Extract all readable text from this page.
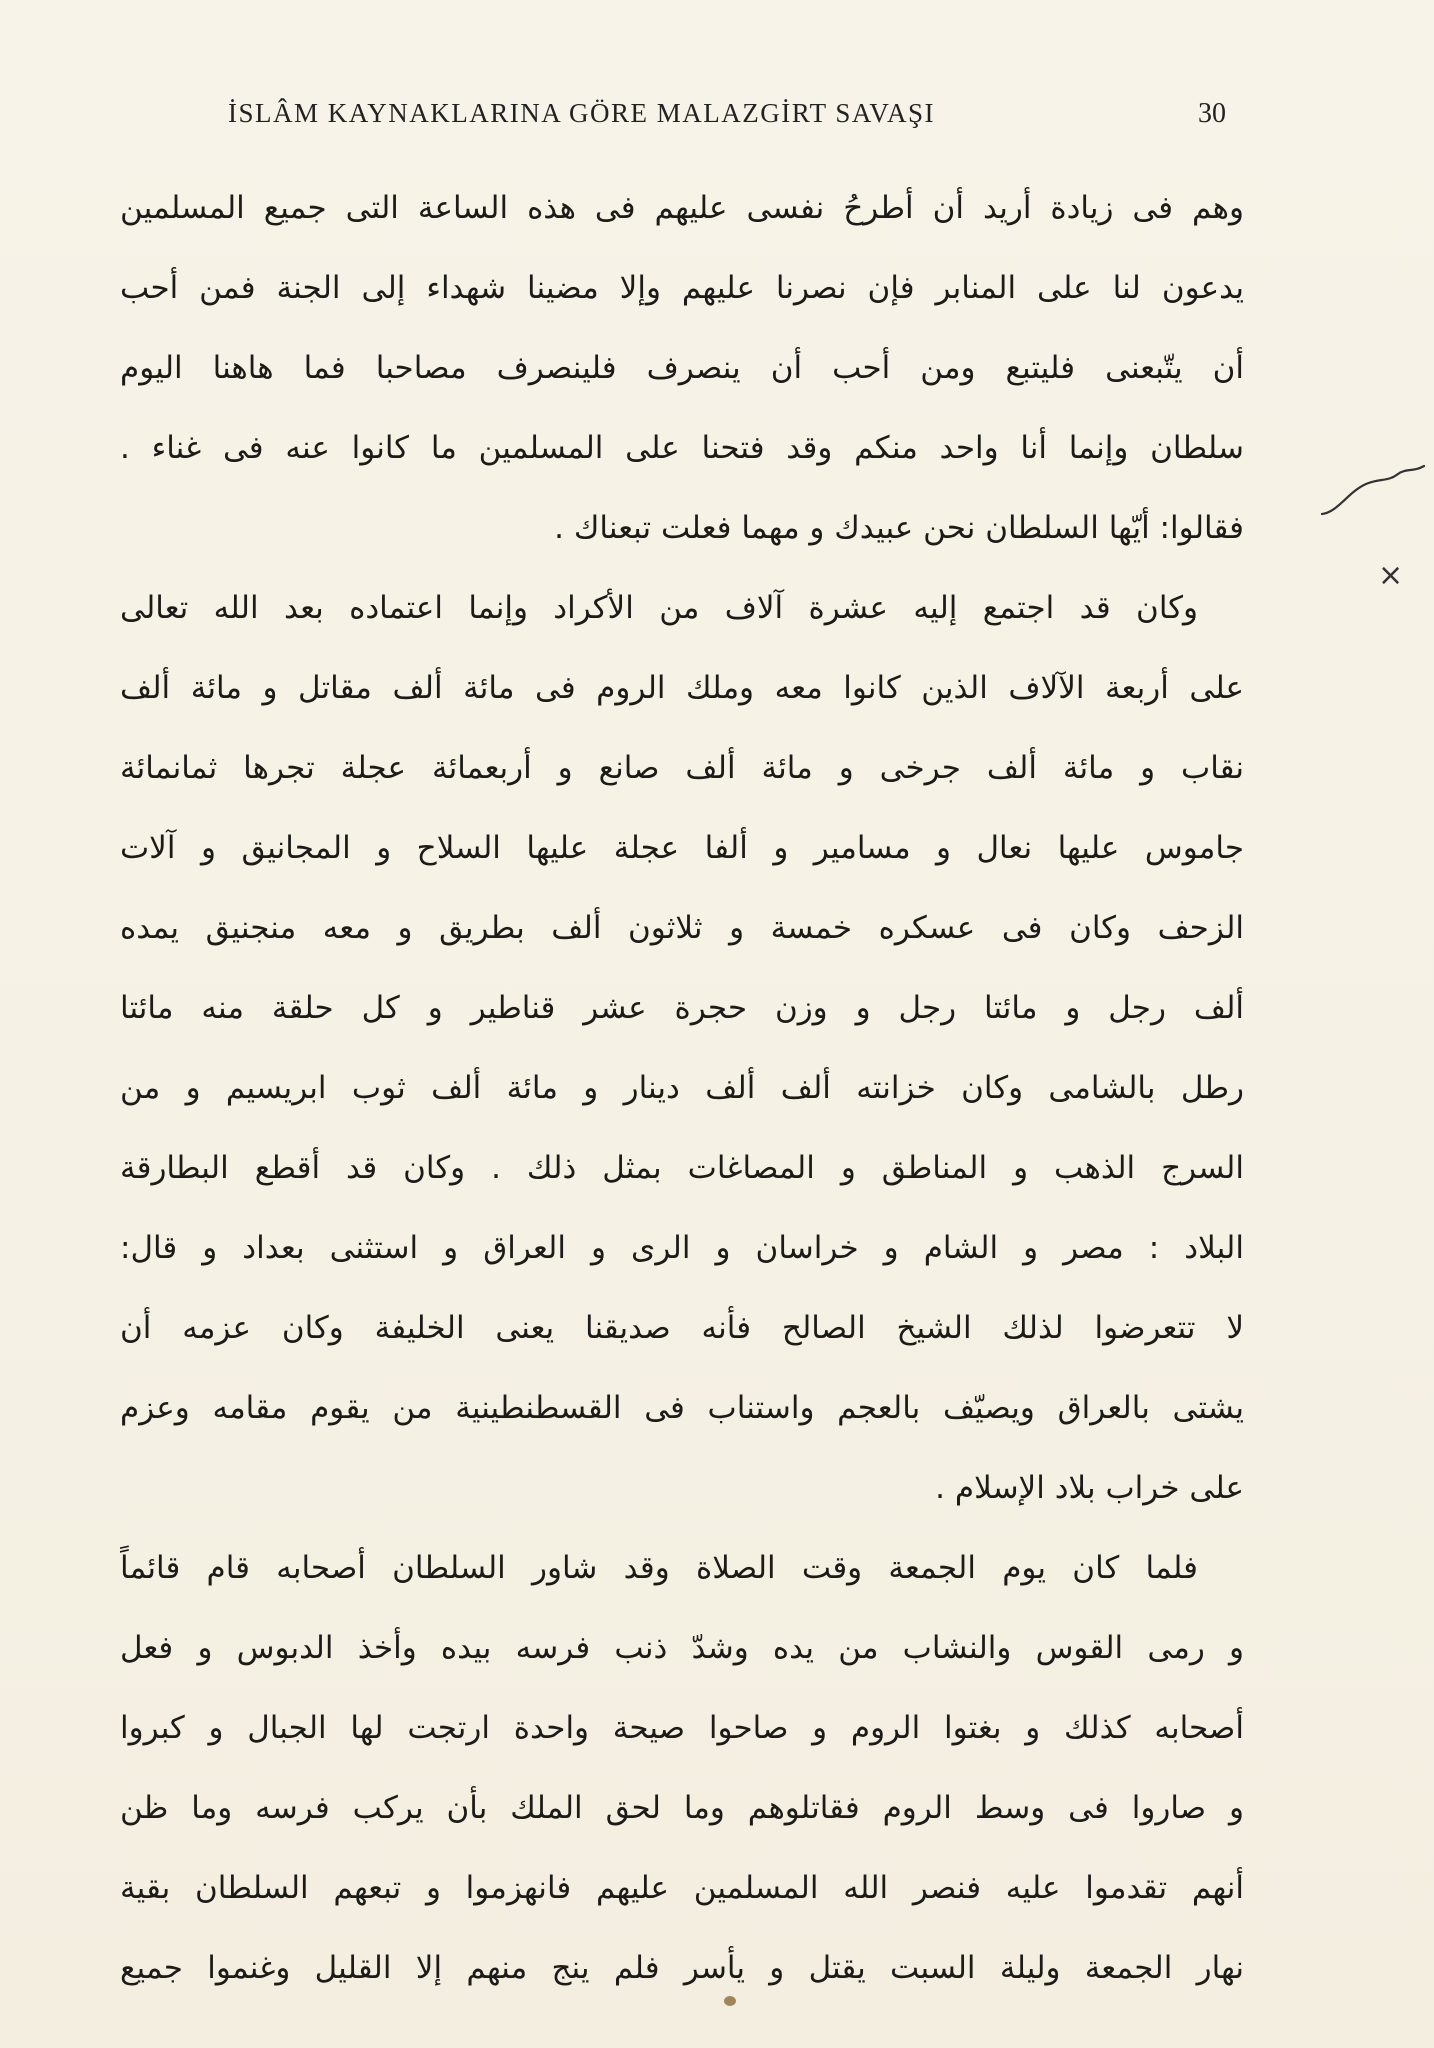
İSLÂM KAYNAKLARINA GÖRE MALAZGİRT SAVAŞI	30
وهم فى زيادة أريد أن أطرحُ نفسى عليهم فى هذه الساعة التى جميع المسلمين
يدعون لنا على المنابر فإن نصرنا عليهم وإلا مضينا شهداء إلى الجنة فمن أحب
أن يتّبعنى فليتبع ومن أحب أن ينصرف فلينصرف مصاحبا فما هاهنا اليوم
سلطان وإنما أنا واحد منكم وقد فتحنا على المسلمين ما كانوا عنه فى غناء .
فقالوا: أيّها السلطان نحن عبيدك و مهما فعلت تبعناك .
وكان قد اجتمع إليه عشرة آلاف من الأكراد وإنما اعتماده بعد الله تعالى
على أربعة الآلاف الذين كانوا معه وملك الروم فى مائة ألف مقاتل و مائة ألف
نقاب و مائة ألف جرخى و مائة ألف صانع و أربعمائة عجلة تجرها ثمانمائة
جاموس عليها نعال و مسامير و ألفا عجلة عليها السلاح و المجانيق و آلات
الزحف وكان فى عسكره خمسة و ثلاثون ألف بطريق و معه منجنيق يمده
ألف رجل و مائتا رجل و وزن حجرة عشر قناطير و كل حلقة منه مائتا
رطل بالشامى وكان خزانته ألف ألف دينار و مائة ألف ثوب ابريسيم و من
السرج الذهب و المناطق و المصاغات بمثل ذلك . وكان قد أقطع البطارقة
البلاد : مصر و الشام و خراسان و الرى و العراق و استثنى بعداد و قال:
لا تتعرضوا لذلك الشيخ الصالح فأنه صديقنا يعنى الخليفة وكان عزمه أن
يشتى بالعراق ويصيّف بالعجم واستناب فى القسطنطينية من يقوم مقامه وعزم
على خراب بلاد الإسلام .
فلما كان يوم الجمعة وقت الصلاة وقد شاور السلطان أصحابه قام قائماً
و رمى القوس والنشاب من يده وشدّ ذنب فرسه بيده وأخذ الدبوس و فعل
أصحابه كذلك و بغتوا الروم و صاحوا صيحة واحدة ارتجت لها الجبال و كبروا
و صاروا فى وسط الروم فقاتلوهم وما لحق الملك بأن يركب فرسه وما ظن
أنهم تقدموا عليه فنصر الله المسلمين عليهم فانهزموا و تبعهم السلطان بقية
نهار الجمعة وليلة السبت يقتل و يأسر فلم ينج منهم إلا القليل وغنموا جميع
×
